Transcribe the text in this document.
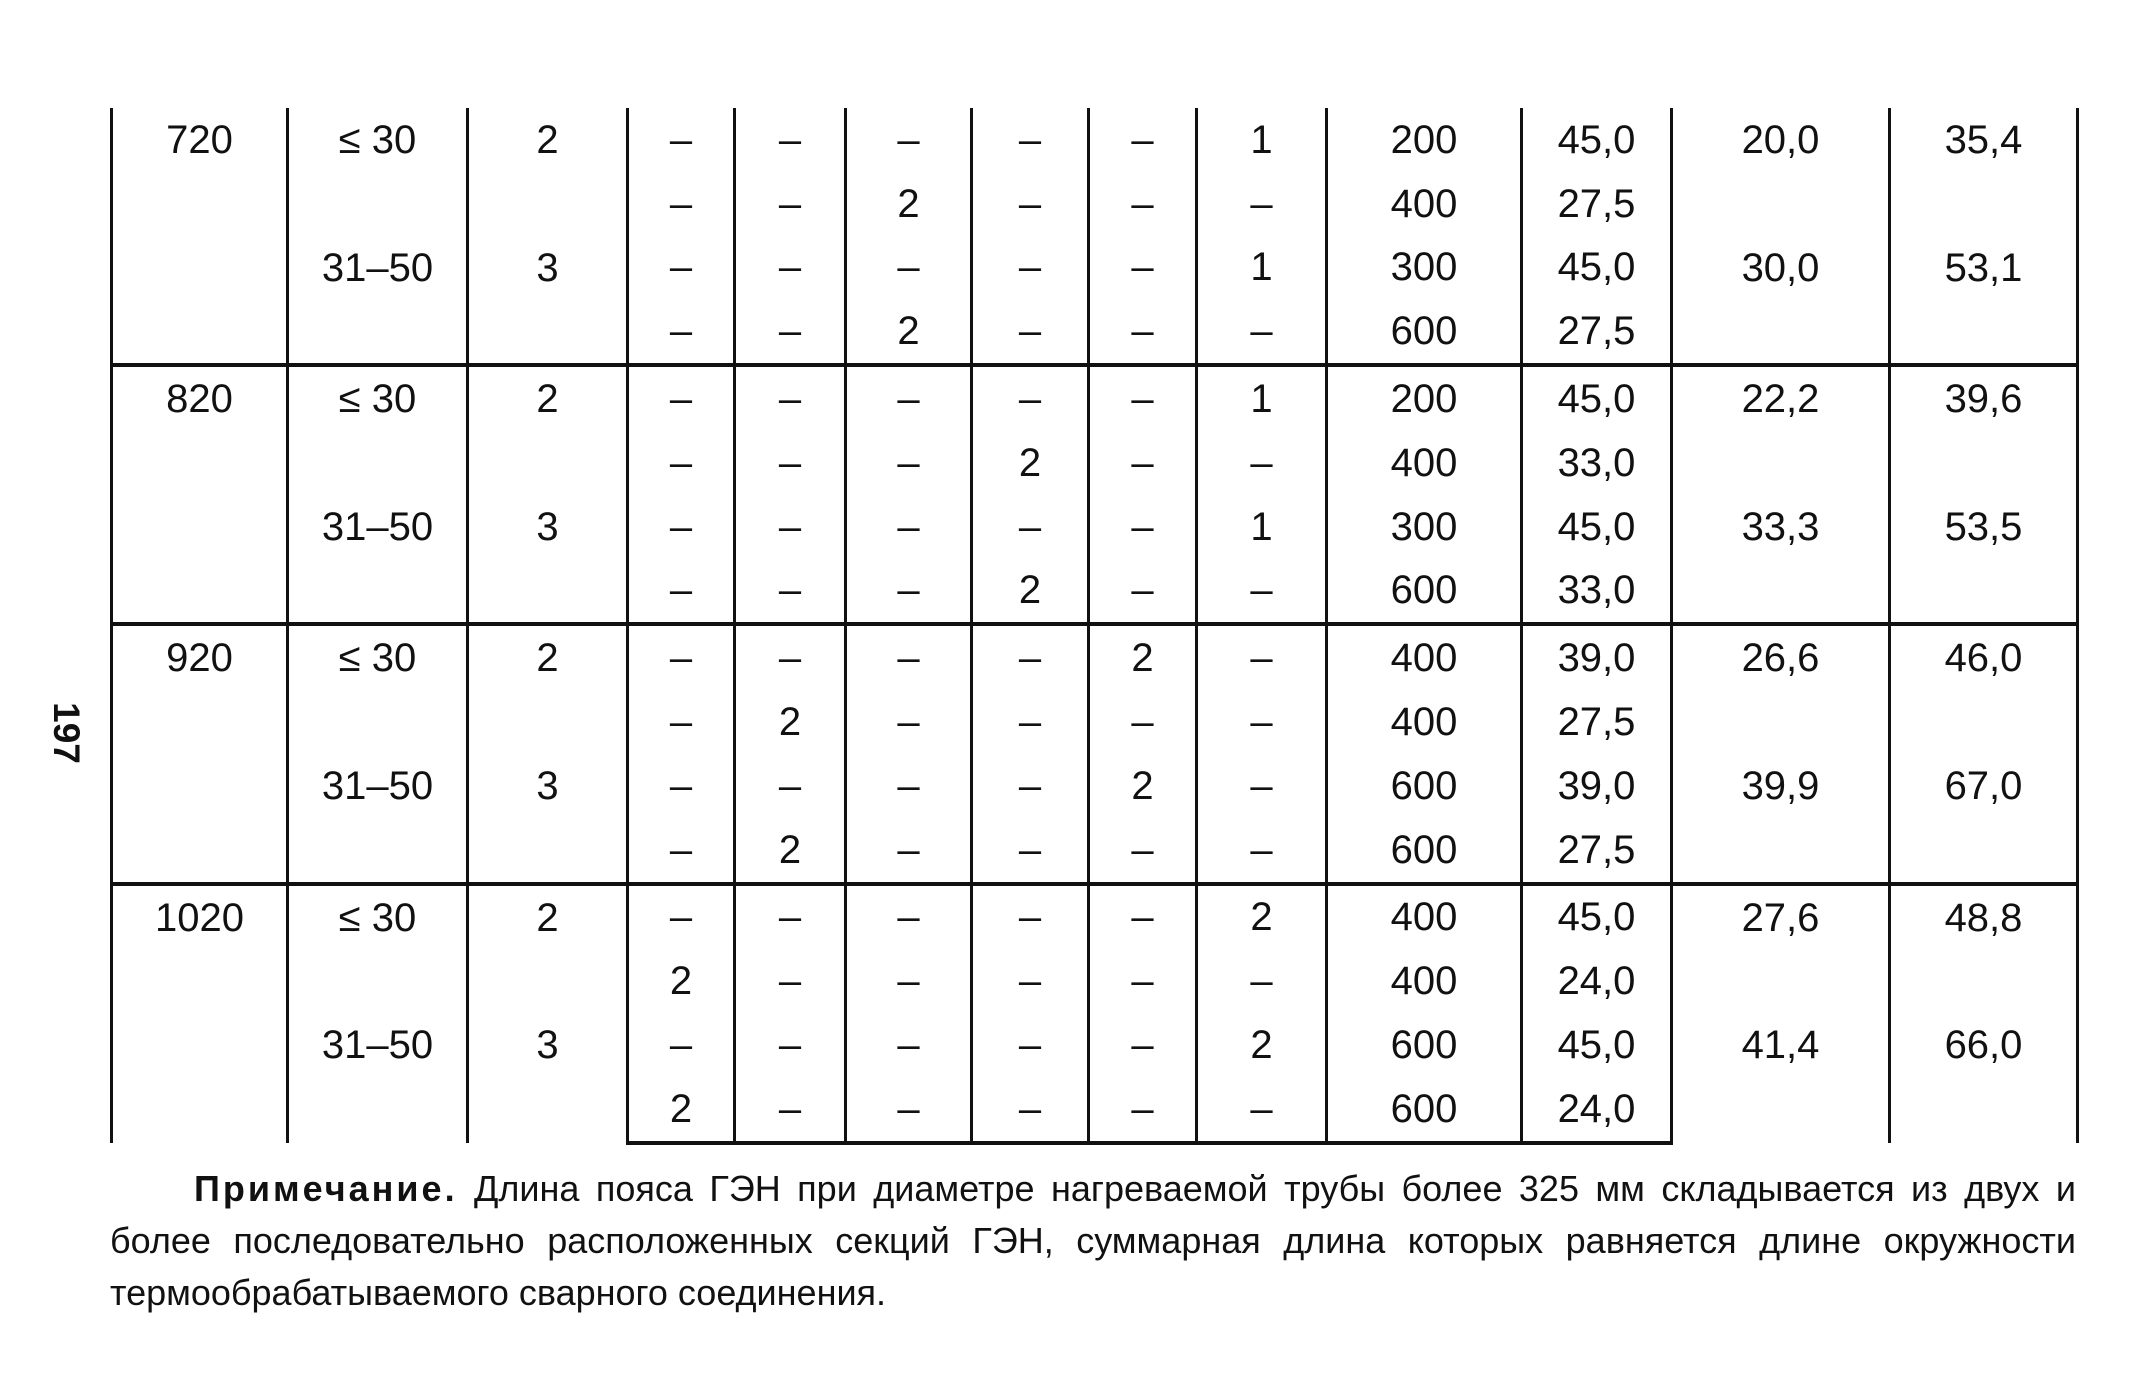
197
720	≤ 30	2	–	–	–	–	–	1	200	45,0	20,0	35,4
			–	–	2	–	–	–	400	27,5		
	31–50	3	–	–	–	–	–	1	300	45,0	30,0	53,1
			–	–	2	–	–	–	600	27,5		
820	≤ 30	2	–	–	–	–	–	1	200	45,0	22,2	39,6
			–	–	–	2	–	–	400	33,0		
	31–50	3	–	–	–	–	–	1	300	45,0	33,3	53,5
			–	–	–	2	–	–	600	33,0		
920	≤ 30	2	–	–	–	–	2	–	400	39,0	26,6	46,0
			–	2	–	–	–	–	400	27,5		
	31–50	3	–	–	–	–	2	–	600	39,0	39,9	67,0
			–	2	–	–	–	–	600	27,5		
1020	≤ 30	2	–	–	–	–	–	2	400	45,0	27,6	48,8
			2	–	–	–	–	–	400	24,0		
	31–50	3	–	–	–	–	–	2	600	45,0	41,4	66,0
			2	–	–	–	–	–	600	24,0		
Примечание. Длина пояса ГЭН при диаметре нагреваемой трубы более 325 мм складывается из двух и более последовательно расположенных секций ГЭН, суммарная длина которых равняется длине окружности термообрабатываемого сварного соединения.
